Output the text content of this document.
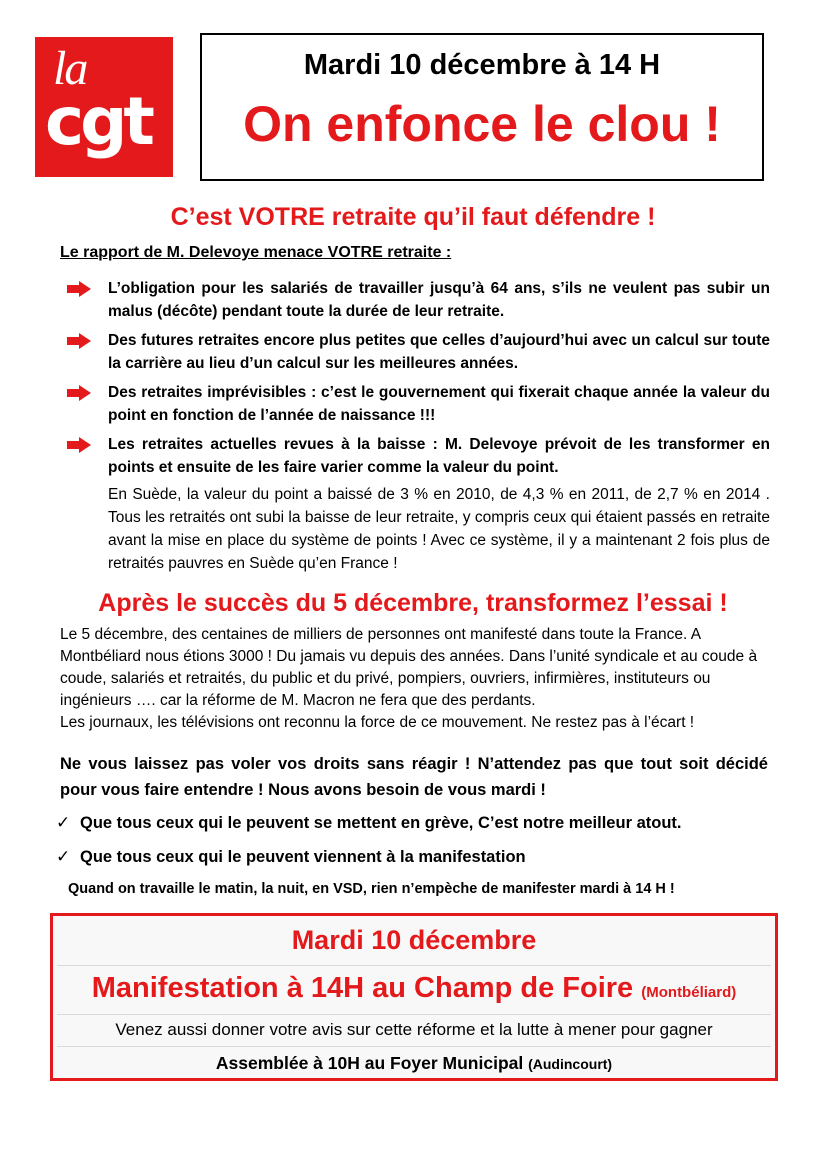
la
cgt
Mardi 10 décembre à 14 H
On enfonce le clou !
C’est VOTRE retraite qu’il faut défendre !
Le rapport de M. Delevoye menace VOTRE retraite :
L’obligation pour les salariés de travailler jusqu’à 64 ans, s’ils ne veulent pas subir un malus (décôte) pendant toute la durée de leur retraite.
Des futures retraites encore plus petites que celles d’aujourd’hui avec un calcul sur toute la carrière au lieu d’un calcul sur les meilleures années.
Des retraites imprévisibles : c’est le gouvernement qui fixerait chaque année la valeur du point en fonction de l’année de naissance !!!
Les retraites actuelles revues à la baisse : M. Delevoye prévoit de les transformer en points et ensuite de les faire varier comme la valeur du point.
En Suède, la valeur du point a baissé de 3 % en 2010, de 4,3 % en 2011, de 2,7 % en 2014 . Tous les retraités ont subi la baisse de leur retraite, y compris ceux qui étaient passés en retraite avant la mise en place du système de points ! Avec ce système, il y a maintenant 2 fois plus de retraités pauvres en Suède qu’en France !
Après le succès du 5 décembre, transformez l’essai !
Le 5 décembre, des centaines de milliers de personnes ont manifesté dans toute la France. A Montbéliard nous étions 3000 ! Du jamais vu depuis des années. Dans l’unité syndicale et au coude à coude, salariés et retraités, du public et du privé, pompiers, ouvriers, infirmières, instituteurs ou ingénieurs …. car la réforme de M. Macron ne fera que des perdants.
Les journaux, les télévisions ont reconnu la force de ce mouvement. Ne restez pas à l’écart !
Ne vous laissez pas voler vos droits sans réagir ! N’attendez pas que tout soit décidé pour vous faire entendre ! Nous avons besoin de vous mardi !
✓ Que tous ceux qui le peuvent se mettent en grève, C’est notre meilleur atout.
✓ Que tous ceux qui le peuvent viennent à la manifestation
Quand on travaille le matin, la nuit, en VSD, rien n’empèche de manifester mardi à 14 H !
Mardi 10 décembre
Manifestation à 14H au Champ de Foire (Montbéliard)
Venez aussi donner votre avis sur cette réforme et la lutte à mener pour gagner
Assemblée à 10H au Foyer Municipal (Audincourt)
